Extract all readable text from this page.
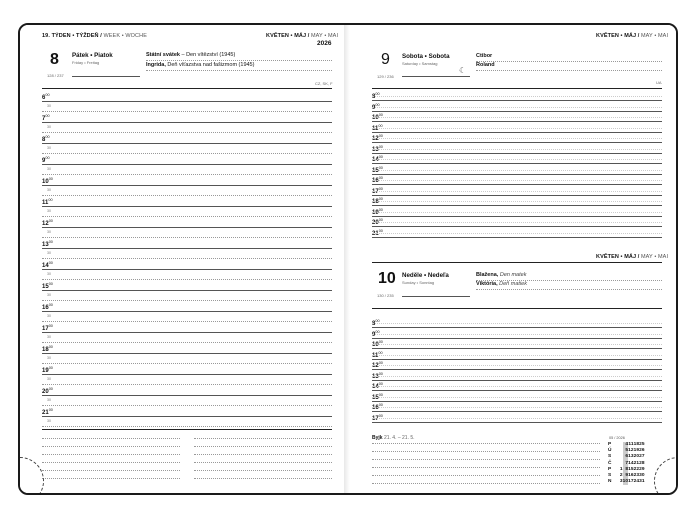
19. TÝDEN • TÝŽDEŇ / WEEK • WOCHE	KVĚTEN • MÁJ / MAY • MAI
2026
8 Pátek • Piatok
Friday • Freitag
128 / 237
Státní svátek – Den vítězství (1945)
Ingrida, Deň víťazstva nad fašizmom (1945)
CZ, SK, F
$6^{00}$
30
$7^{00}$
30
$8^{00}$
30
$9^{00}$
30
$10^{00}$
30
$11^{00}$
30
$12^{00}$
30
$13^{00}$
30
$14^{00}$
30
$15^{00}$
30
$16^{00}$
30
$17^{00}$
30
$18^{00}$
30
$19^{00}$
30
$20^{00}$
30
$21^{00}$
30
KVĚTEN • MÁJ / MAY • MAI
9 Sobota • Sobota
Saturday • Samstag
129 / 236
☾
Ctibor
Roland
UA
$8^{00}$
$9^{00}$
$10^{00}$
$11^{00}$
$12^{00}$
$13^{00}$
$14^{00}$
$15^{00}$
$16^{00}$
$17^{00}$
$18^{00}$
$19^{00}$
$20^{00}$
$21^{00}$
KVĚTEN • MÁJ / MAY • MAI
10 Neděle • Nedeľa
Sunday • Sonntag
130 / 235
Blažena, Den matek
Viktória, Deň matiek
$8^{00}$
$9^{00}$
$10^{00}$
$11^{00}$
$12^{00}$
$13^{00}$
$14^{00}$
$15^{00}$
$16^{00}$
$17^{00}$
Byjk 21. 4. – 21. 5.	05 / 2026
P	4 11 18 25
Ú	5 12 19 26
S	6 13 20 27
Č	7 14 21 28
P	1 8 15 22 29
S	2 9 16 23 30
N	3 10 17 24 31
